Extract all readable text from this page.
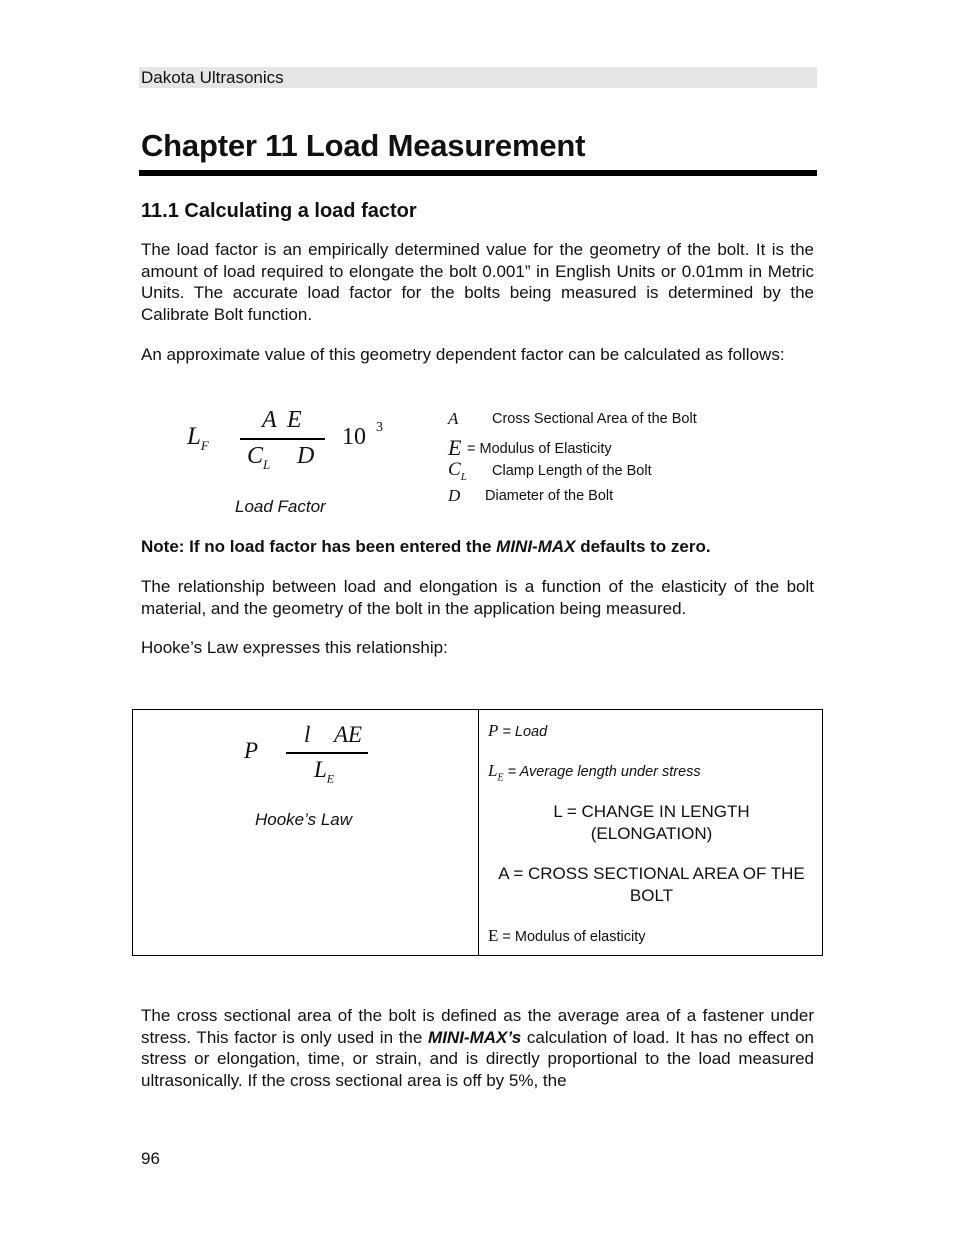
Dakota Ultrasonics
Chapter 11 Load Measurement
11.1 Calculating a load factor
The load factor is an empirically determined value for the geometry of the bolt. It is the amount of load required to elongate the bolt 0.001” in English Units or 0.01mm in Metric Units. The accurate load factor for the bolts being measured is determined by the Calibrate Bolt function.
An approximate value of this geometry dependent factor can be calculated as follows:
$L_F$
A E
$C_L$ D
10 3
Load Factor
A Cross Sectional Area of the Bolt
E = Modulus of Elasticity
$C_L$ Clamp Length of the Bolt
D Diameter of the Bolt
Note: If no load factor has been entered the MINI-MAX defaults to zero.
The relationship between load and elongation is a function of the elasticity of the bolt material, and the geometry of the bolt in the application being measured.
Hooke’s Law expresses this relationship:
P
l AE
$L_E$
Hooke’s Law

P = Load
$L_E$ = Average length under stress
L = CHANGE IN LENGTH (ELONGATION)
A = CROSS SECTIONAL AREA OF THE BOLT
E = Modulus of elasticity
The cross sectional area of the bolt is defined as the average area of a fastener under stress. This factor is only used in the MINI-MAX’s calculation of load. It has no effect on stress or elongation, time, or strain, and is directly proportional to the load measured ultrasonically. If the cross sectional area is off by 5%, the
96
